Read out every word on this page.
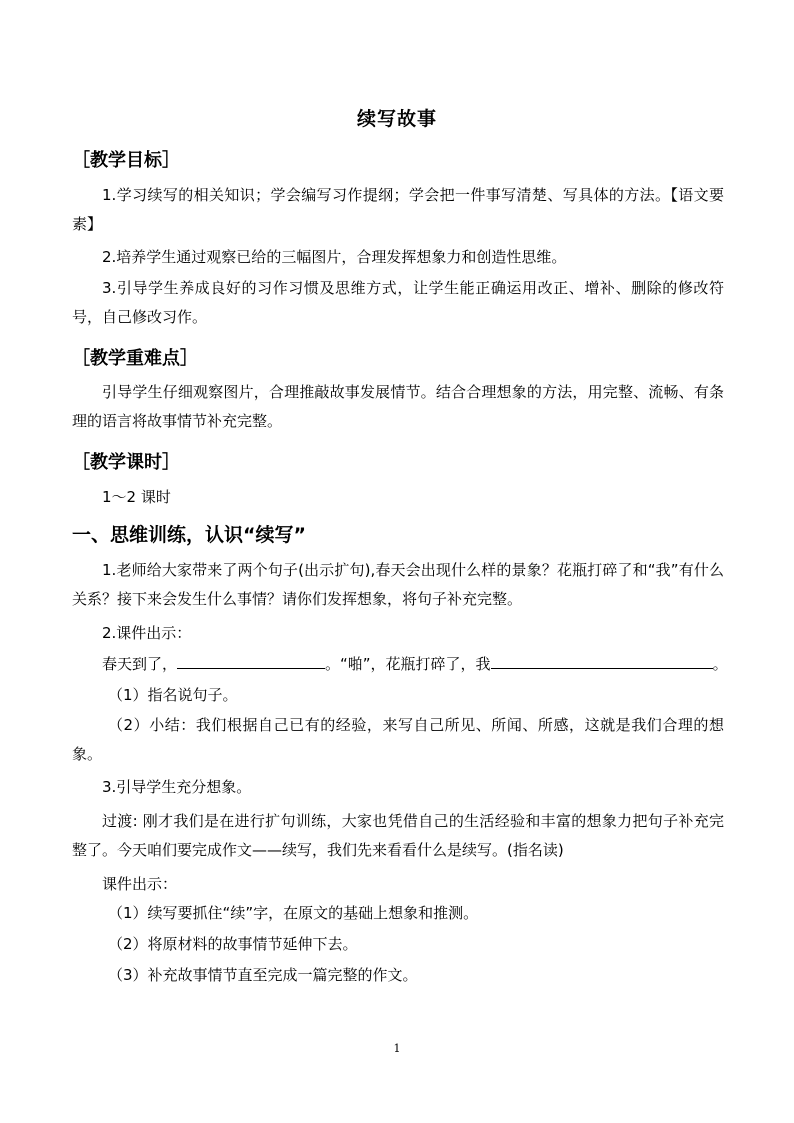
续写故事
［教学目标］
1.学习续写的相关知识；学会编写习作提纲；学会把一件事写清楚、写具体的方法。【语文要素】
2.培养学生通过观察已给的三幅图片，合理发挥想象力和创造性思维。
3.引导学生养成良好的习作习惯及思维方式，让学生能正确运用改正、增补、删除的修改符号，自己修改习作。
［教学重难点］
引导学生仔细观察图片，合理推敲故事发展情节。结合合理想象的方法，用完整、流畅、有条理的语言将故事情节补充完整。
［教学课时］
1～2 课时
一、思维训练，认识“续写”
1.老师给大家带来了两个句子(出示扩句),春天会出现什么样的景象？花瓶打碎了和“我”有什么关系？接下来会发生什么事情？请你们发挥想象，将句子补充完整。
2.课件出示：
春天到了，	。“啪”，花瓶打碎了，我	。
（1）指名说句子。
（2）小结：我们根据自己已有的经验，来写自己所见、所闻、所感，这就是我们合理的想象。
3.引导学生充分想象。
过渡: 刚才我们是在进行扩句训练，大家也凭借自己的生活经验和丰富的想象力把句子补充完整了。今天咱们要完成作文——续写，我们先来看看什么是续写。(指名读)
课件出示：
（1）续写要抓住“续”字，在原文的基础上想象和推测。
（2）将原材料的故事情节延伸下去。
（3）补充故事情节直至完成一篇完整的作文。
1
